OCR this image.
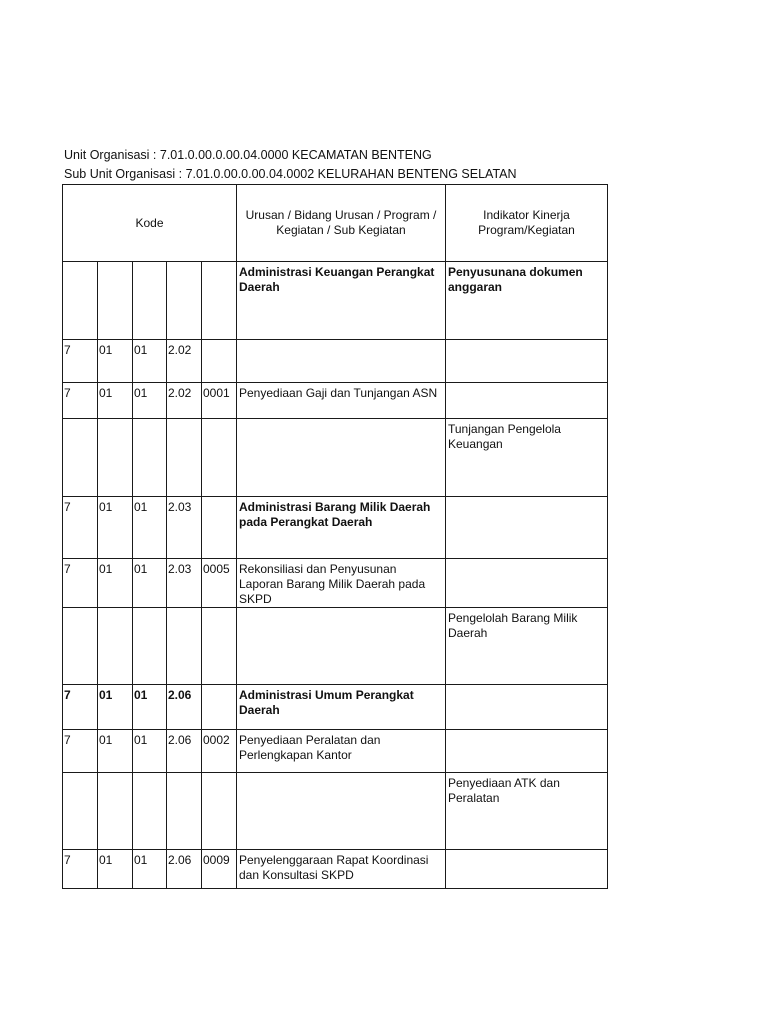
Unit Organisasi : 7.01.0.00.0.00.04.0000 KECAMATAN BENTENG
Sub Unit Organisasi : 7.01.0.00.0.00.04.0002 KELURAHAN BENTENG SELATAN
Kode					Urusan / Bidang Urusan / Program / Kegiatan / Sub Kegiatan	Indikator Kinerja Program/Kegiatan
					Administrasi Keuangan Perangkat Daerah	Penyusunana dokumen anggaran
7	01	01	2.02			
7	01	01	2.02	0001	Penyediaan Gaji dan Tunjangan ASN	
						Tunjangan Pengelola Keuangan
7	01	01	2.03		Administrasi Barang Milik Daerah pada Perangkat Daerah	
7	01	01	2.03	0005	Rekonsiliasi dan Penyusunan Laporan Barang Milik Daerah pada SKPD	
						Pengelolah Barang Milik Daerah
7	01	01	2.06		Administrasi Umum Perangkat Daerah	
7	01	01	2.06	0002	Penyediaan Peralatan dan Perlengkapan Kantor	
						Penyediaan ATK dan Peralatan
7	01	01	2.06	0009	Penyelenggaraan Rapat Koordinasi dan Konsultasi SKPD	
